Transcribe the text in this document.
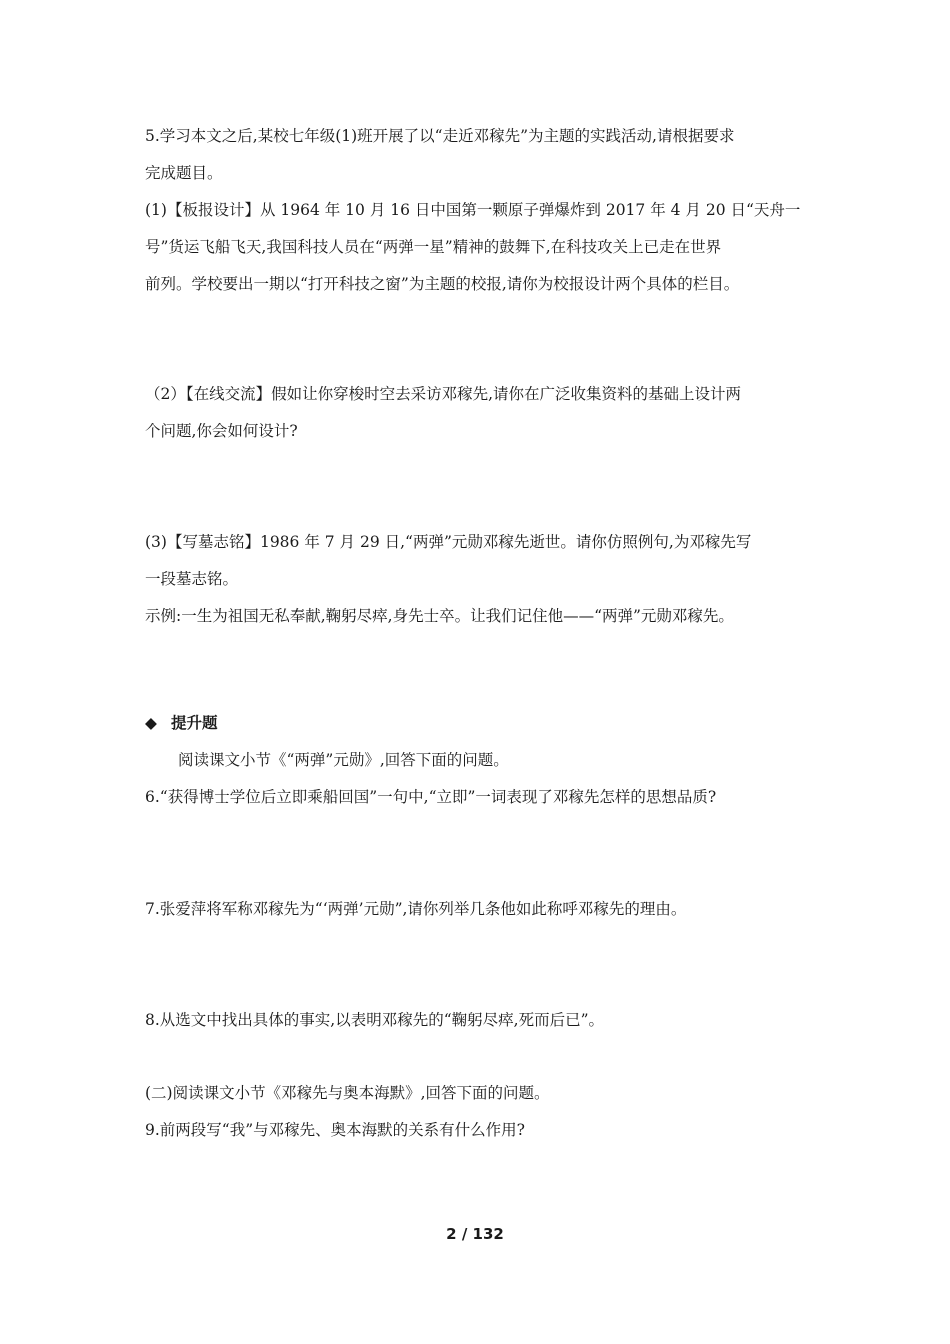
5.学习本文之后,某校七年级(1)班开展了以“走近邓稼先”为主题的实践活动,请根据要求
完成题目。
(1)【板报设计】从 1964 年 10 月 16 日中国第一颗原子弹爆炸到 2017 年 4 月 20 日“天舟一
号”货运飞船飞天,我国科技人员在“两弹一星”精神的鼓舞下,在科技攻关上已走在世界
前列。学校要出一期以“打开科技之窗”为主题的校报,请你为校报设计两个具体的栏目。
（2）【在线交流】假如让你穿梭时空去采访邓稼先,请你在广泛收集资料的基础上设计两
个问题,你会如何设计?
(3)【写墓志铭】1986 年 7 月 29 日,“两弹”元勋邓稼先逝世。请你仿照例句,为邓稼先写
一段墓志铭。
示例:一生为祖国无私奉献,鞠躬尽瘁,身先士卒。让我们记住他——“两弹”元勋邓稼先。
◆ 提升题
阅读课文小节《“两弹”元勋》,回答下面的问题。
6.“获得博士学位后立即乘船回国”一句中,“立即”一词表现了邓稼先怎样的思想品质?
7.张爱萍将军称邓稼先为“‘两弹’元勋”,请你列举几条他如此称呼邓稼先的理由。
8.从选文中找出具体的事实,以表明邓稼先的“鞠躬尽瘁,死而后已”。
(二)阅读课文小节《邓稼先与奥本海默》,回答下面的问题。
9.前两段写“我”与邓稼先、奥本海默的关系有什么作用?
2 / 132
